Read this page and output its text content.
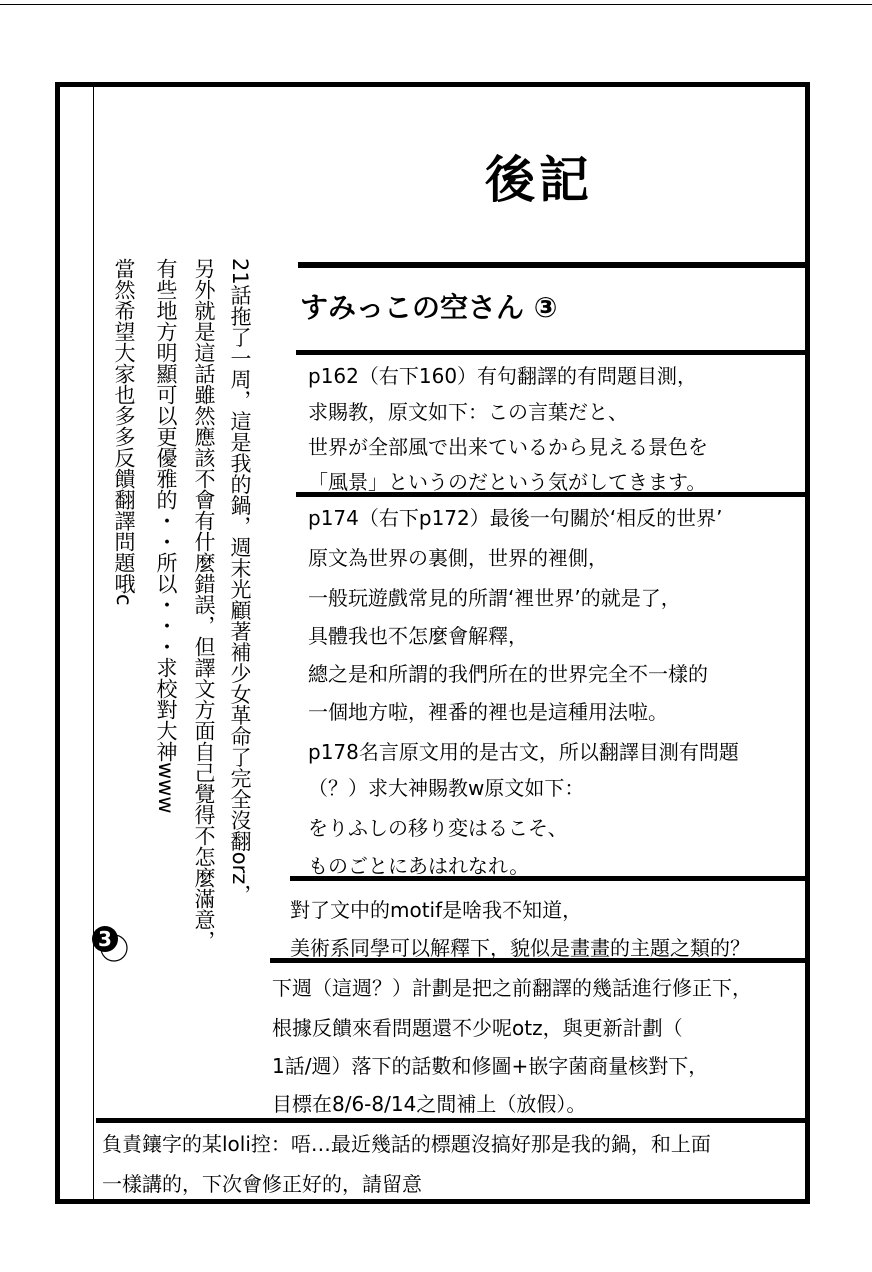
後記
すみっこの空さん ③
21話拖了一周，這是我的鍋，週末光顧著補少女革命了完全沒翻orz，
另外就是這話雖然應該不會有什麼錯誤，但譯文方面自己覺得不怎麼滿意，
有些地方明顯可以更優雅的・・所以・・・求校對大神www
當然希望大家也多多反饋翻譯問題哦c	p162（右下160）有句翻譯的有問題目測，
求賜教，原文如下：この言葉だと、
世界が全部風で出来ているから見える景色を
「風景」というのだという気がしてきます。
p174（右下p172）最後一句關於‘相反的世界’
原文為世界の裏側，世界的裡側，
一般玩遊戲常見的所謂‘裡世界’的就是了，
具體我也不怎麼會解釋，
總之是和所謂的我們所在的世界完全不一樣的
一個地方啦，裡番的裡也是這種用法啦。
p178名言原文用的是古文，所以翻譯目測有問題
（？）求大神賜教w原文如下：
をりふしの移り変はるこそ、
ものごとにあはれなれ。
對了文中的motif是啥我不知道，
美術系同學可以解釋下，貌似是畫畫的主題之類的？
下週（這週？）計劃是把之前翻譯的幾話進行修正下，
根據反饋來看問題還不少呢otz，與更新計劃（
1話/週）落下的話數和修圖+嵌字菌商量核對下，
目標在8/6-8/14之間補上（放假）。
負責鑲字的某loli控：唔…最近幾話的標題沒搞好那是我的鍋，和上面
一樣講的，下次會修正好的，請留意
3
